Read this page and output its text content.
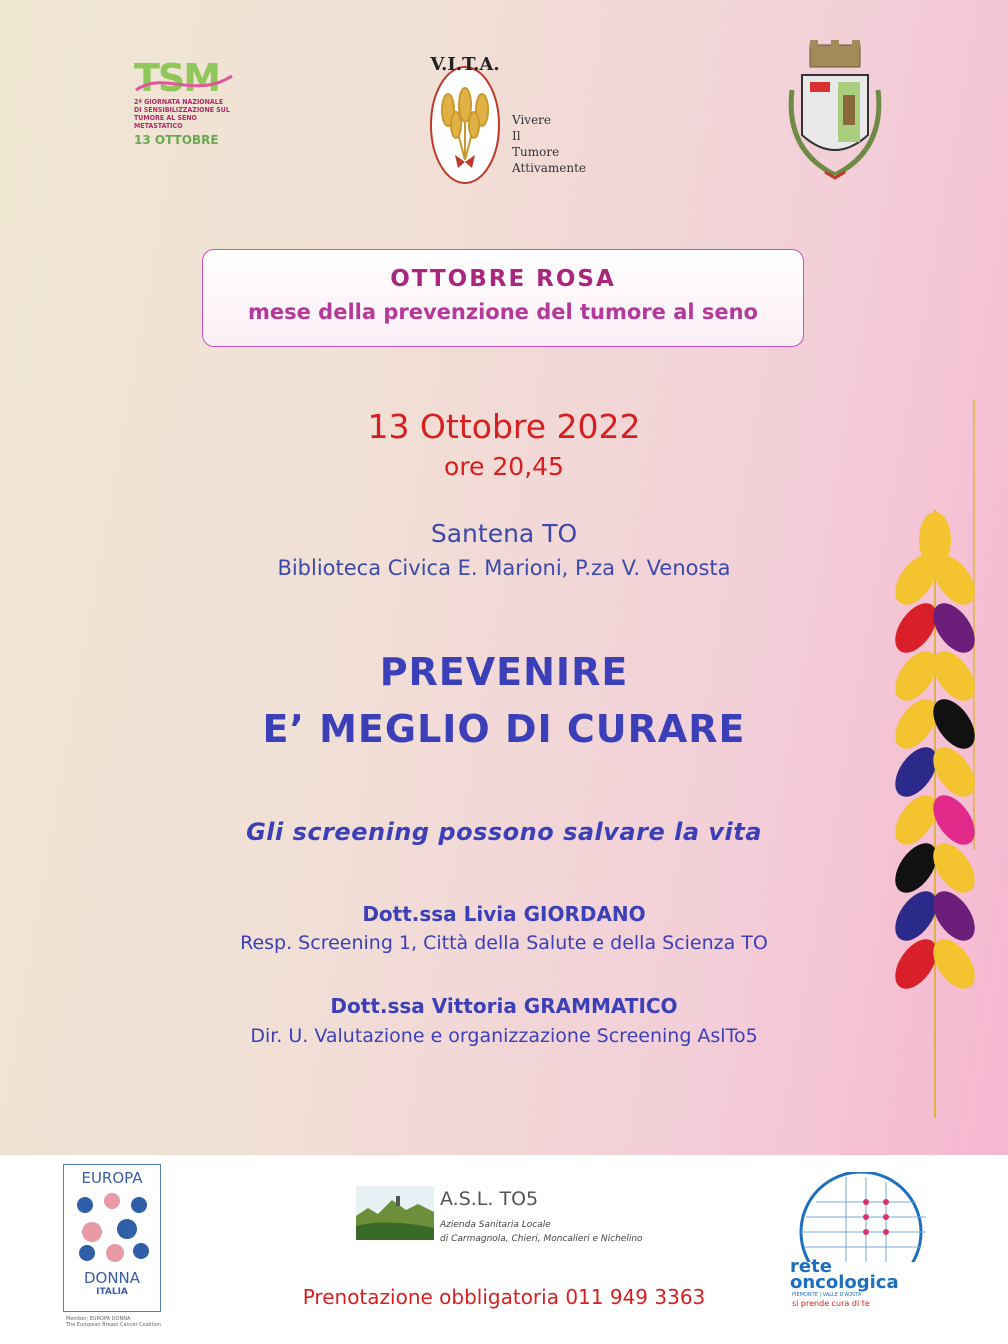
TSM
2ª GIORNATA NAZIONALE
DI SENSIBILIZZAZIONE SUL
TUMORE AL SENO METASTATICO
13 OTTOBRE
V.I.T.A.
Vivere
Il
Tumore
Attivamente
OTTOBRE ROSA
mese della prevenzione del tumore al seno
13 Ottobre 2022
ore 20,45
Santena TO
Biblioteca Civica E. Marioni, P.za V. Venosta
PREVENIRE
E’ MEGLIO DI CURARE
Gli screening possono salvare la vita
Dott.ssa Livia GIORDANO
Resp. Screening 1, Città della Salute e della Scienza TO
Dott.ssa Vittoria GRAMMATICO
Dir. U. Valutazione e organizzazione Screening AslTo5
EUROPA
DONNA
ITALIA
Member: EUROPA DONNA
The European Breast Cancer Coalition
A.S.L. TO5
Azienda Sanitaria Locale
di Carmagnola, Chieri, Moncalieri e Nichelino
rete
oncologica
PIEMONTE | VALLE D'AOSTA
si prende cura di te
Prenotazione obbligatoria 011 949 3363
